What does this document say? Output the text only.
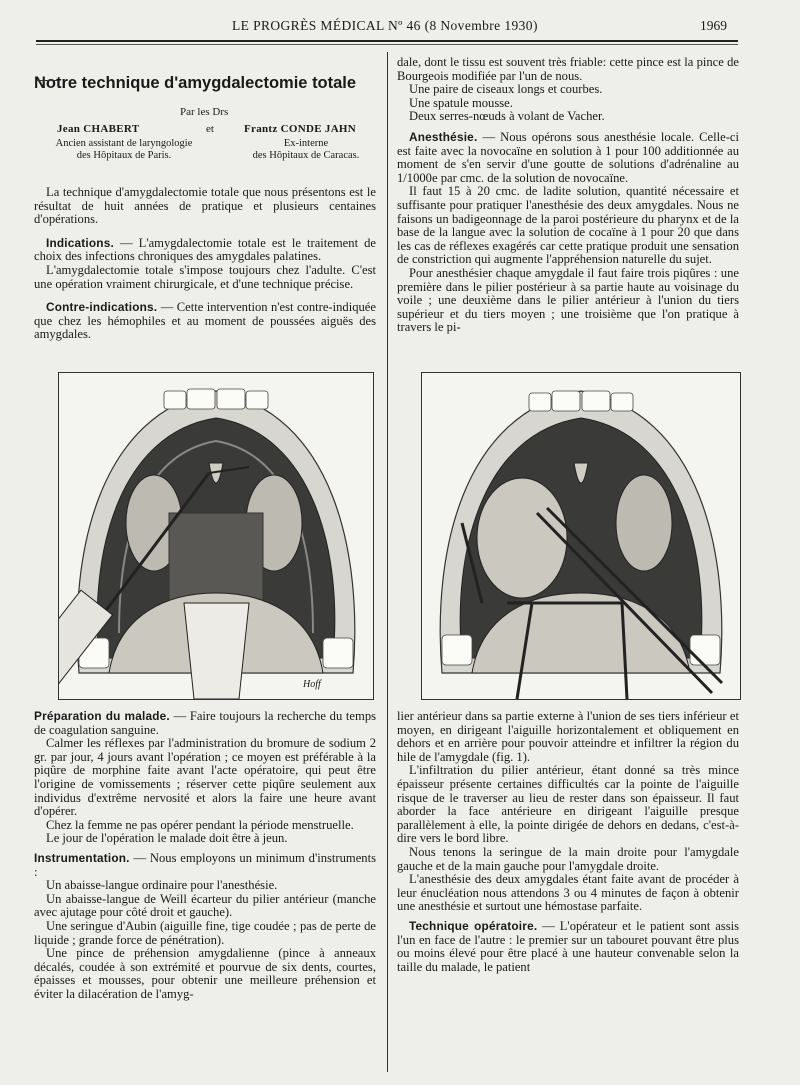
LE PROGRÈS MÉDICAL Nº 46 (8 Novembre 1930)	1969
Notre technique d'amygdalectomie totale
Par les Drs
Jean CHABERT	et	Frantz CONDE JAHN
Ancien assistant de laryngologie
des Hôpitaux de Paris.
Ex-interne
des Hôpitaux de Caracas.

La technique d'amygdalectomie totale que nous présentons est le résultat de huit années de pratique et plusieurs centaines d'opérations.

Indications. — L'amygdalectomie totale est le traitement de choix des infections chroniques des amygdales palatines.

L'amygdalectomie totale s'impose toujours chez l'adulte. C'est une opération vraiment chirurgicale, et d'une technique précise.

Contre-indications. — Cette intervention n'est contre-indiquée que chez les hémophiles et au moment de poussées aiguës des amygdales.

dale, dont le tissu est souvent très friable: cette pince est la pince de Bourgeois modifiée par l'un de nous.

Une paire de ciseaux longs et courbes.

Une spatule mousse.

Deux serres-nœuds à volant de Vacher.

Anesthésie. — Nous opérons sous anesthésie locale. Celle-ci est faite avec la novocaïne en solution à 1 pour 100 additionnée au moment de s'en servir d'une goutte de solutions d'adrénaline au 1/1000e par cmc. de la solution de novocaïne.

Il faut 15 à 20 cmc. de ladite solution, quantité nécessaire et suffisante pour pratiquer l'anesthésie des deux amygdales. Nous ne faisons un badigeonnage de la paroi postérieure du pharynx et de la base de la langue avec la solution de cocaïne à 1 pour 20 que dans les cas de réflexes exagérés car cette pratique produit une sensation de constriction qui augmente l'appréhension naturelle du sujet.

Pour anesthésier chaque amygdale il faut faire trois piqûres : une première dans le pilier postérieur à sa partie haute au voisinage du voile ; une deuxième dans le pilier antérieur à l'union du tiers supérieur et du tiers moyen ; une troisième que l'on pratique à travers le pi-

Hoff

Préparation du malade. — Faire toujours la recherche du temps de coagulation sanguine.

Calmer les réflexes par l'administration du bromure de sodium 2 gr. par jour, 4 jours avant l'opération ; ce moyen est préférable à la piqûre de morphine faite avant l'acte opératoire, qui peut être l'origine de vomissements ; réserver cette piqûre seulement aux individus d'extrême nervosité et alors la faire une heure avant d'opérer.

Chez la femme ne pas opérer pendant la période menstruelle.

Le jour de l'opération le malade doit être à jeun.

Instrumentation. — Nous employons un minimum d'instruments :

Un abaisse-langue ordinaire pour l'anesthésie.

Un abaisse-langue de Weill écarteur du pilier antérieur (manche avec ajutage pour côté droit et gauche).

Une seringue d'Aubin (aiguille fine, tige coudée ; pas de perte de liquide ; grande force de pénétration).

Une pince de préhension amygdalienne (pince à anneaux décalés, coudée à son extrémité et pourvue de six dents, courtes, épaisses et mousses, pour obtenir une meilleure préhension et éviter la dilacération de l'amyg-

lier antérieur dans sa partie externe à l'union de ses tiers inférieur et moyen, en dirigeant l'aiguille horizontalement et obliquement en dehors et en arrière pour pouvoir atteindre et infiltrer la région du hile de l'amygdale (fig. 1).

L'infiltration du pilier antérieur, étant donné sa très mince épaisseur présente certaines difficultés car la pointe de l'aiguille risque de le traverser au lieu de rester dans son épaisseur. Il faut aborder la face antérieure en dirigeant l'aiguille presque parallèlement à elle, la pointe dirigée de dehors en dedans, c'est-à-dire vers le bord libre.

Nous tenons la seringue de la main droite pour l'amygdale gauche et de la main gauche pour l'amygdale droite.

L'anesthésie des deux amygdales étant faite avant de procéder à leur énucléation nous attendons 3 ou 4 minutes de façon à obtenir une anesthésie et surtout une hémostase parfaite.

Technique opératoire. — L'opérateur et le patient sont assis l'un en face de l'autre : le premier sur un tabouret pouvant être plus ou moins élevé pour être placé à une hauteur convenable selon la taille du malade, le patient
